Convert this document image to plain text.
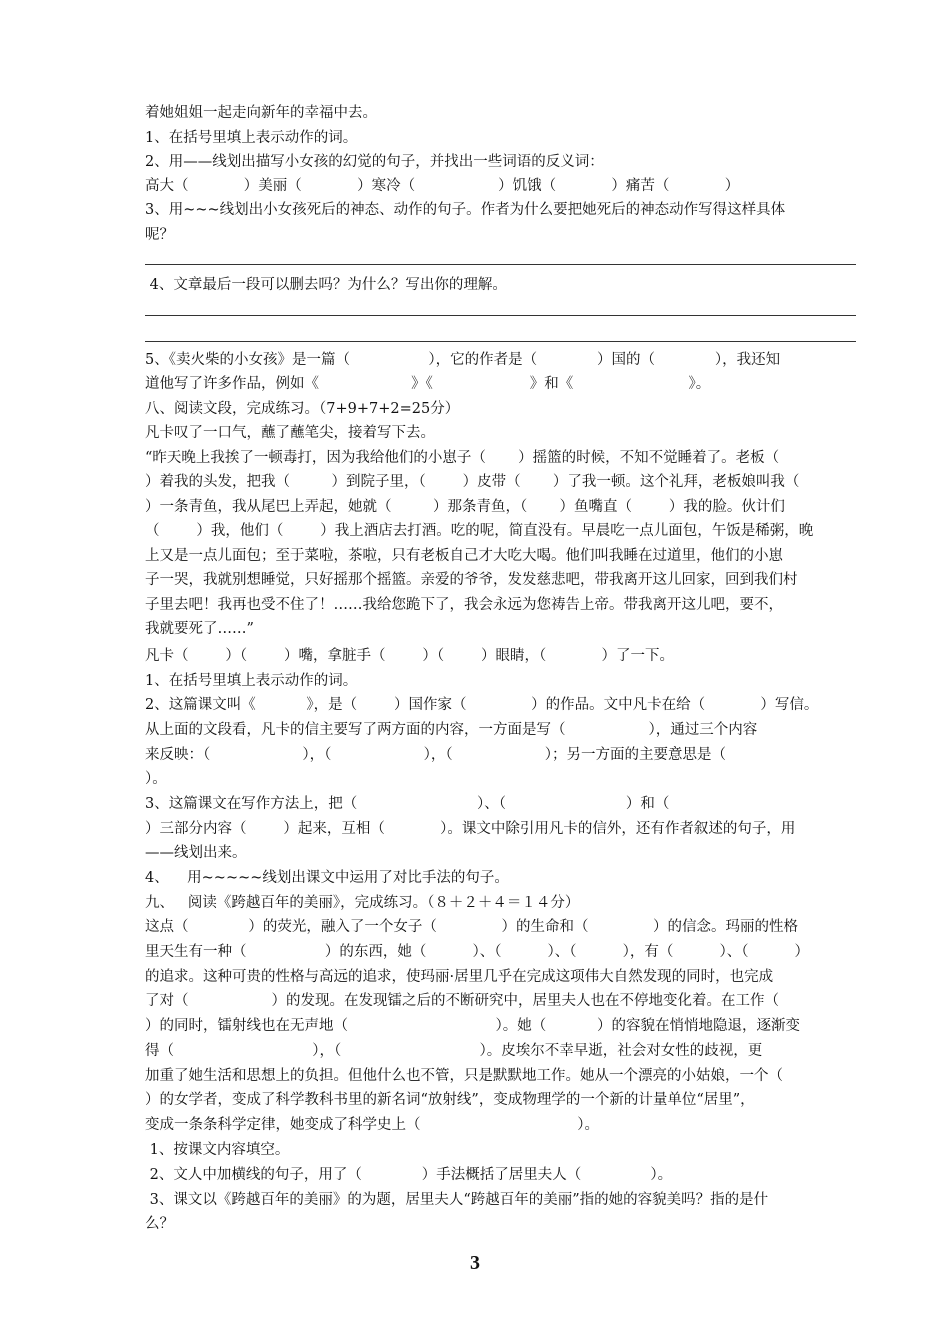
着她姐姐一起走向新年的幸福中去。
1、在括号里填上表示动作的词。
2、用——线划出描写小女孩的幻觉的句子，并找出一些词语的反义词：
高大（            ）美丽（            ）寒冷（                  ）饥饿（            ）痛苦（            ）
3、用~~~线划出小女孩死后的神态、动作的句子。作者为什么要把她死后的神态动作写得这样具体
呢？
4、文章最后一段可以删去吗？为什么？写出你的理解。
5、《卖火柴的小女孩》是一篇（                 ），它的作者是（             ）国的（             ），我还知
道他写了许多作品，例如《                    》《                     》和《                         》。
八、阅读文段，完成练习。（7+9+7+2=25分）
凡卡叹了一口气，蘸了蘸笔尖，接着写下去。
“昨天晚上我挨了一顿毒打，因为我给他们的小崽子（       ）摇篮的时候，不知不觉睡着了。老板（
）着我的头发，把我（         ）到院子里，（        ）皮带（       ）了我一顿。这个礼拜，老板娘叫我（
）一条青鱼，我从尾巴上弄起，她就（         ）那条青鱼，（       ）鱼嘴直（        ）我的脸。伙计们
（        ）我，他们（        ）我上酒店去打酒。吃的呢，简直没有。早晨吃一点儿面包，午饭是稀粥，晚
上又是一点儿面包；至于菜啦，茶啦，只有老板自己才大吃大喝。他们叫我睡在过道里，他们的小崽
子一哭，我就别想睡觉，只好摇那个摇篮。亲爱的爷爷，发发慈悲吧，带我离开这儿回家，回到我们村
子里去吧！我再也受不住了！……我给您跪下了，我会永远为您祷告上帝。带我离开这儿吧，要不，
我就要死了……”
凡卡（        ）（        ）嘴，拿脏手（        ）（        ）眼睛，（            ）了一下。
1、在括号里填上表示动作的词。
2、这篇课文叫《           》，是（        ）国作家（              ）的作品。文中凡卡在给（            ）写信。
从上面的文段看，凡卡的信主要写了两方面的内容，一方面是写（                  ），通过三个内容
来反映：（                    ），（                    ），（                    ）；另一方面的主要意思是（
）。
3、这篇课文在写作方法上，把（                          ）、（                          ）和（
）三部分内容（        ）起来，互相（            ）。课文中除引用凡卡的信外，还有作者叙述的句子，用
——线划出来。
4、    用~~~~~线划出课文中运用了对比手法的句子。
九、   阅读《跨越百年的美丽》，完成练习。（８＋２＋４＝１４分）
这点（             ）的荧光，融入了一个女子（              ）的生命和（              ）的信念。玛丽的性格
里天生有一种（                 ）的东西，她（          ）、（          ）、（          ），有（          ）、（          ）
的追求。这种可贵的性格与高远的追求，使玛丽·居里几乎在完成这项伟大自然发现的同时，也完成
了对（                  ）的发现。在发现镭之后的不断研究中，居里夫人也在不停地变化着。在工作（
）的同时，镭射线也在无声地（                                ）。她（           ）的容貌在悄悄地隐退，逐渐变
得（                              ），（                              ）。皮埃尔不幸早逝，社会对女性的歧视，更
加重了她生活和思想上的负担。但他什么也不管，只是默默地工作。她从一个漂亮的小姑娘，一个（
）的女学者，变成了科学教科书里的新名词“放射线”，变成物理学的一个新的计量单位“居里”，
变成一条条科学定律，她变成了科学史上（                                  ）。
1、按课文内容填空。
2、文人中加横线的句子，用了（             ）手法概括了居里夫人（               ）。
3、课文以《跨越百年的美丽》的为题，居里夫人“跨越百年的美丽”指的她的容貌美吗？指的是什
么？
3
